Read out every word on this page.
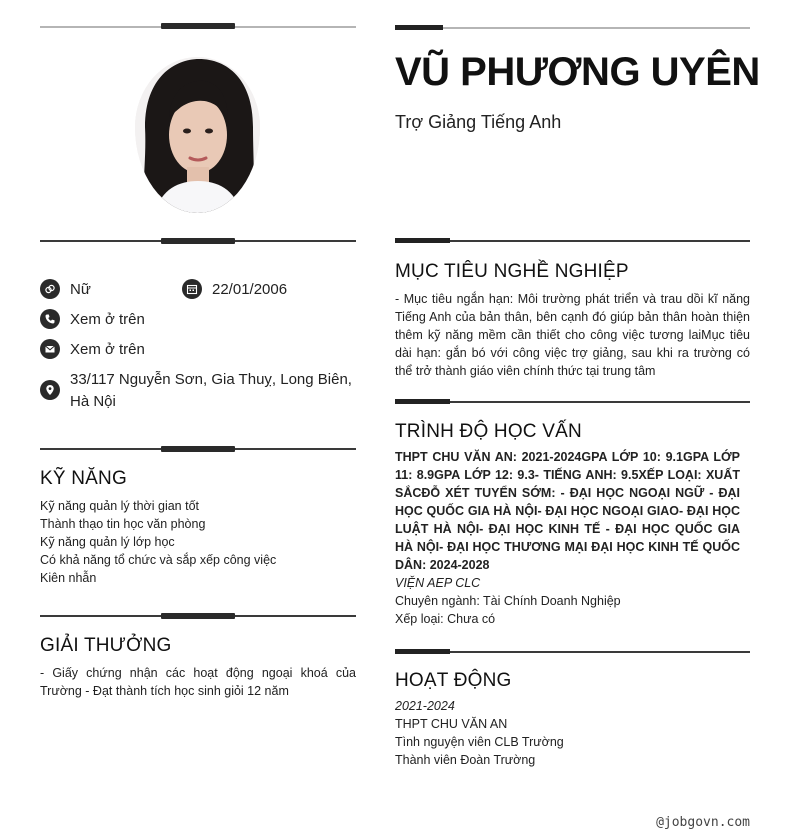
Nữ	22/01/2006
Xem ở trên
Xem ở trên
33/117 Nguyễn Sơn, Gia Thuỵ, Long Biên, Hà Nội
KỸ NĂNG
Kỹ năng quản lý thời gian tốt
Thành thạo tin học văn phòng
Kỹ năng quản lý lớp học
Có khả năng tổ chức và sắp xếp công việc
Kiên nhẫn
GIẢI THƯỞNG
- Giấy chứng nhận các hoạt động ngoại khoá của Trường - Đạt thành tích học sinh giỏi 12 năm
VŨ PHƯƠNG UYÊN
Trợ Giảng Tiếng Anh
MỤC TIÊU NGHỀ NGHIỆP
- Mục tiêu ngắn hạn: Môi trường phát triển và trau dồi kĩ năng Tiếng Anh của bản thân, bên cạnh đó giúp bản thân hoàn thiện thêm kỹ năng mềm cần thiết cho công việc tương laiMục tiêu dài hạn: gắn bó với công việc trợ giảng, sau khi ra trường có thể trở thành giáo viên chính thức tại trung tâm
TRÌNH ĐỘ HỌC VẤN
THPT CHU VĂN AN: 2021-2024GPA LỚP 10: 9.1GPA LỚP 11: 8.9GPA LỚP 12: 9.3- TIẾNG ANH: 9.5XẾP LOẠI: XUẤT SẮCĐỖ XÉT TUYỂN SỚM: - ĐẠI HỌC NGOẠI NGỮ - ĐẠI HỌC QUỐC GIA HÀ NỘI- ĐẠI HỌC NGOẠI GIAO- ĐẠI HỌC LUẬT HÀ NỘI- ĐẠI HỌC KINH TẾ - ĐẠI HỌC QUỐC GIA HÀ NỘI- ĐẠI HỌC THƯƠNG MẠI ĐẠI HỌC KINH TẾ QUỐC DÂN: 2024-2028
VIỆN AEP CLC
Chuyên ngành: Tài Chính Doanh Nghiệp
Xếp loại: Chưa có
HOẠT ĐỘNG
2021-2024
THPT CHU VĂN AN
Tình nguyện viên CLB Trường
Thành viên Đoàn Trường
@jobgovn.com
